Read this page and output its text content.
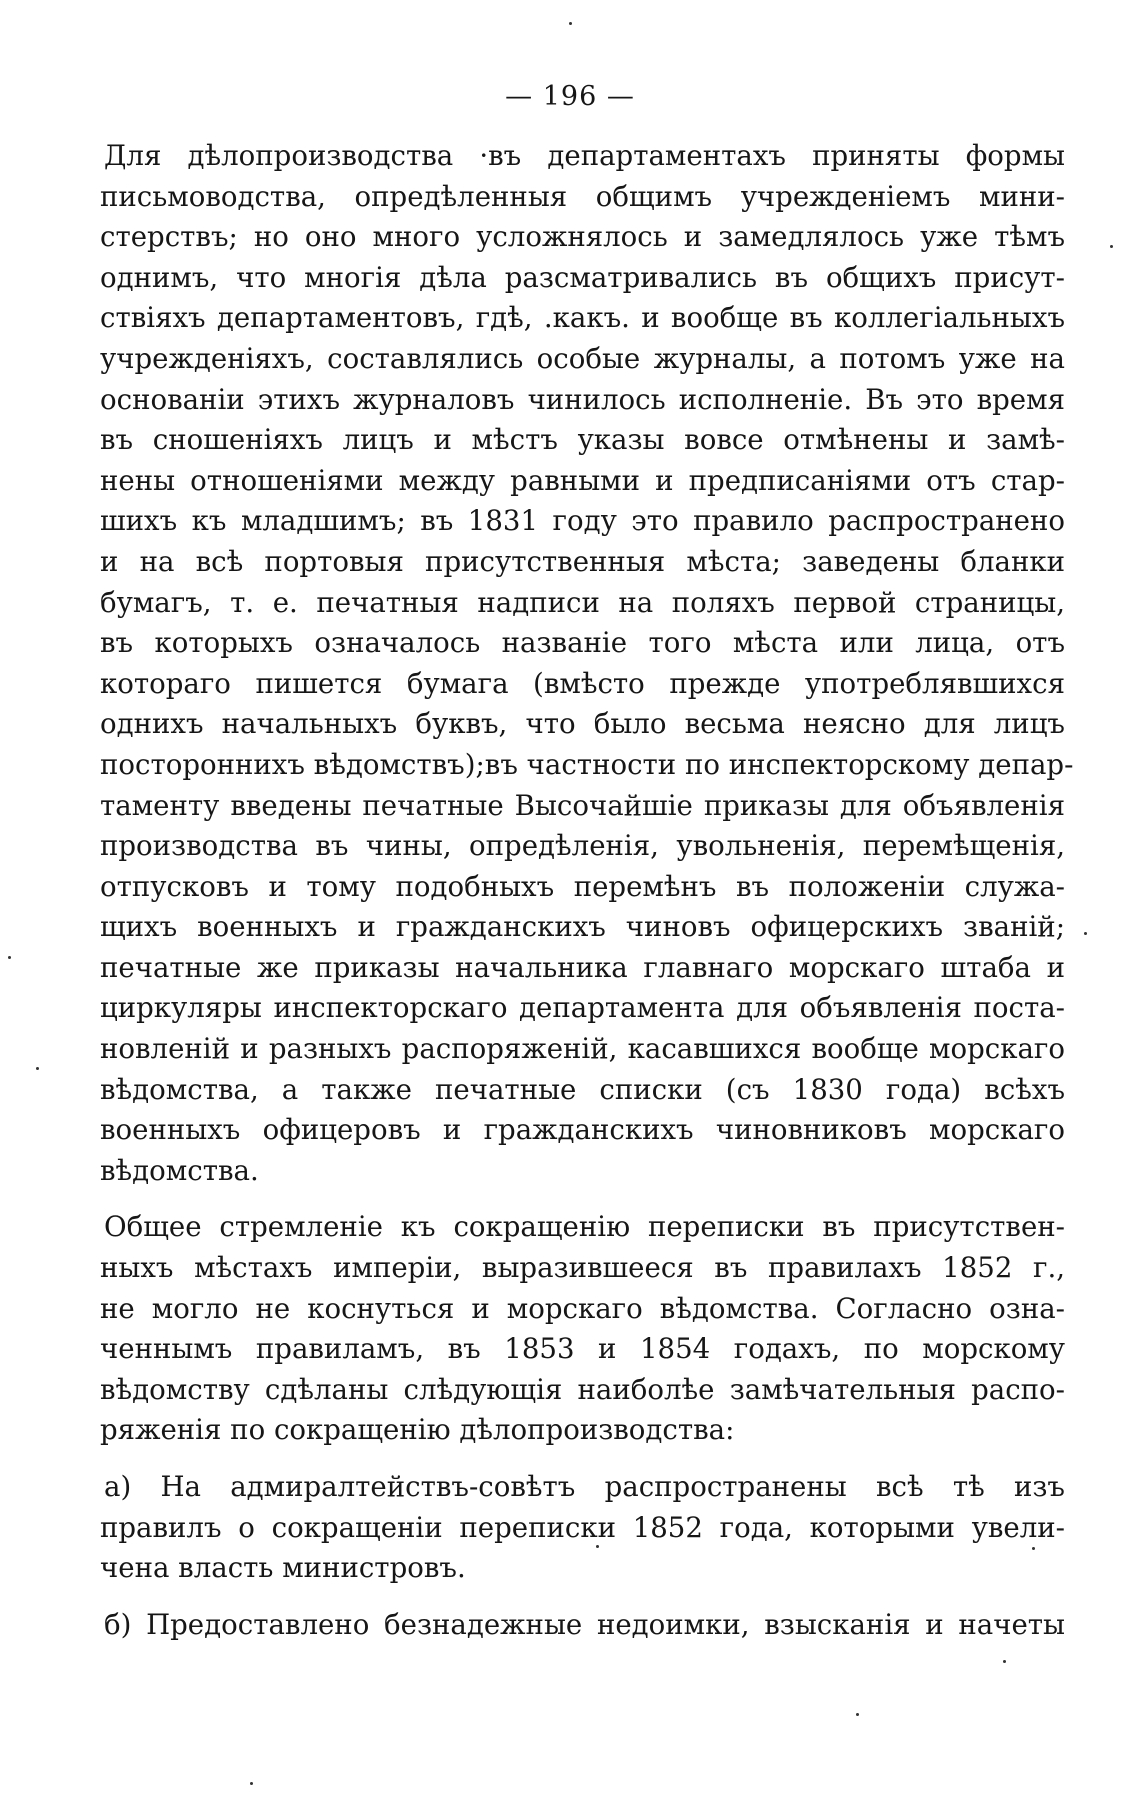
— 196 —
Для дѣлопроизводства ·въ департаментахъ приняты формы
письмоводства, опредѣленныя общимъ учрежденіемъ мини-
стерствъ; но оно много усложнялось и замедлялось уже тѣмъ
однимъ, что многія дѣла разсматривались въ общихъ присут-
ствіяхъ департаментовъ, гдѣ, .какъ. и вообще въ коллегіальныхъ
учрежденіяхъ, составлялись особые журналы, а потомъ уже на
основаніи этихъ журналовъ чинилось исполненіе. Въ это время
въ сношеніяхъ лицъ и мѣстъ указы вовсе отмѣнены и замѣ-
нены отношеніями между равными и предписаніями отъ стар-
шихъ къ младшимъ; въ 1831 году это правило распространено
и на всѣ портовыя присутственныя мѣста; заведены бланки
бумагъ, т. е. печатныя надписи на поляхъ первой страницы,
въ которыхъ означалось названіе того мѣста или лица, отъ
котораго пишется бумага (вмѣсто прежде употреблявшихся
однихъ начальныхъ буквъ, что было весьма неясно для лицъ
постороннихъ вѣдомствъ);въ частности по инспекторскому депар-
таменту введены печатные Высочайшіе приказы для объявленія
производства въ чины, опредѣленія, увольненія, перемѣщенія,
отпусковъ и тому подобныхъ перемѣнъ въ положеніи служа-
щихъ военныхъ и гражданскихъ чиновъ офицерскихъ званій;
печатные же приказы начальника главнаго морскаго штаба и
циркуляры инспекторскаго департамента для объявленія поста-
новленій и разныхъ распоряженій, касавшихся вообще морскаго
вѣдомства, а также печатные списки (съ 1830 года) всѣхъ
военныхъ офицеровъ и гражданскихъ чиновниковъ морскаго
вѣдомства.
Общее стремленіе къ сокращенію переписки въ присутствен-
ныхъ мѣстахъ имперіи, выразившееся въ правилахъ 1852 г.,
не могло не коснуться и морскаго вѣдомства. Согласно озна-
ченнымъ правиламъ, въ 1853 и 1854 годахъ, по морскому
вѣдомству сдѣланы слѣдующія наиболѣе замѣчательныя распо-
ряженія по сокращенію дѣлопроизводства:
а) На адмиралтействъ-совѣтъ распространены всѣ тѣ изъ
правилъ о сокращеніи переписки 1852 года, которыми увели-
чена власть министровъ.
б) Предоставлено безнадежные недоимки, взысканія и начеты
